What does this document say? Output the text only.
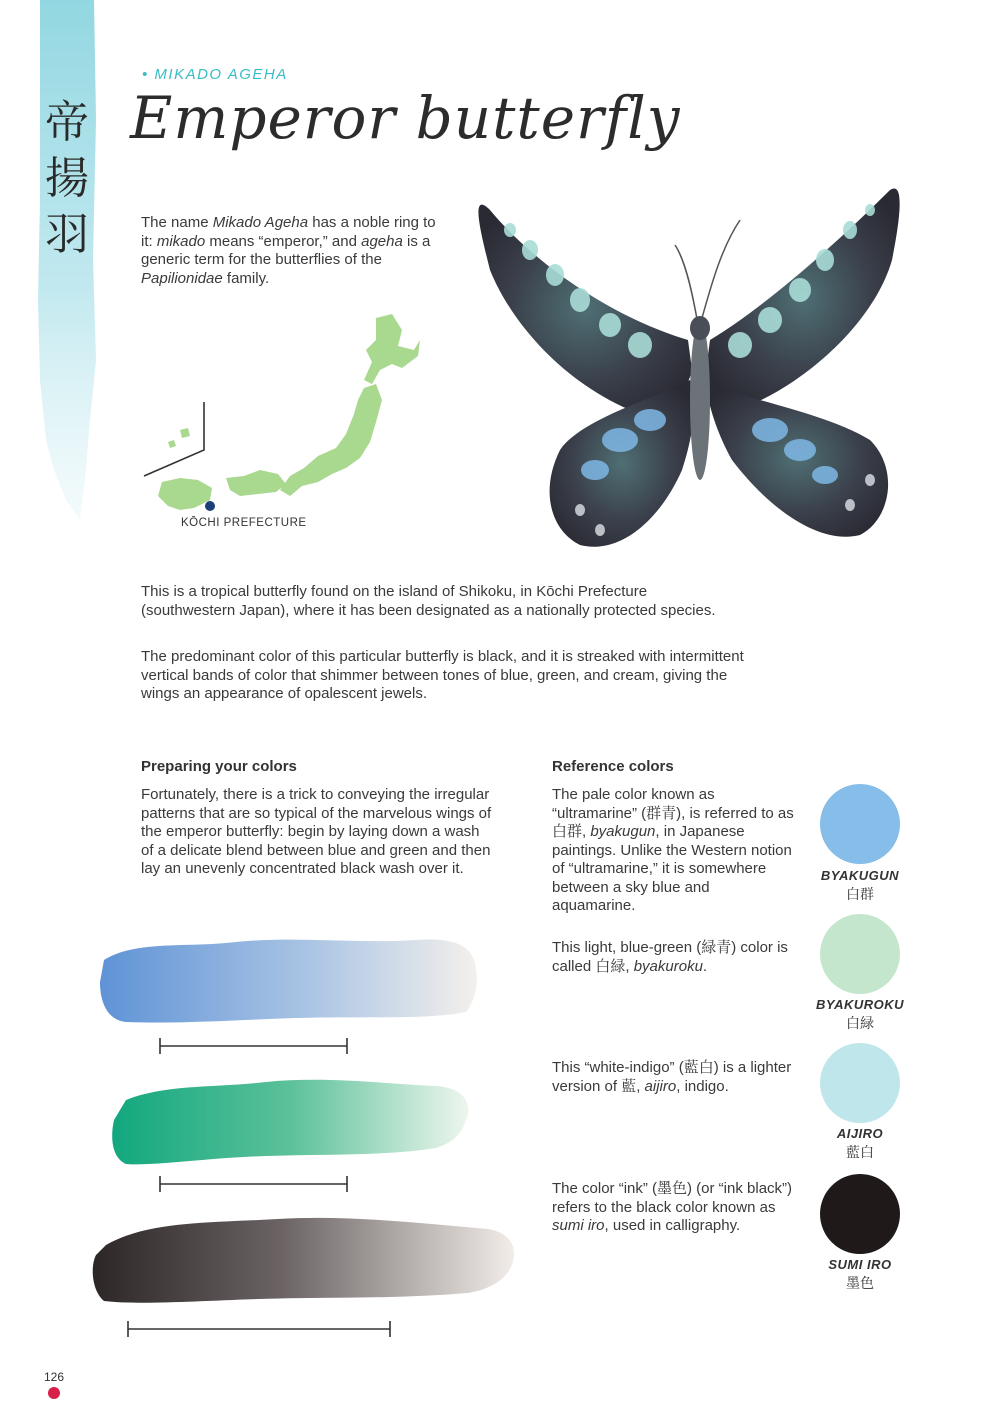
帝
揚
羽
• MIKADO AGEHA
Emperor butterfly
The name Mikado Ageha has a noble ring to it: mikado means “emperor,” and ageha is a generic term for the butterflies of the Papilionidae family.
KŌCHI PREFECTURE
This is a tropical butterfly found on the island of Shikoku, in Kōchi Prefecture (southwestern Japan), where it has been designated as a nationally protected species.
The predominant color of this particular butterfly is black, and it is streaked with intermittent vertical bands of color that shimmer between tones of blue, green, and cream, giving the wings an appearance of opalescent jewels.
Preparing your colors
Fortunately, there is a trick to conveying the irregular patterns that are so typical of the marvelous wings of the emperor butterfly: begin by laying down a wash of a delicate blend between blue and green and then lay an unevenly concentrated black wash over it.
Reference colors
The pale color known as “ultramarine” (群青), is referred to as 白群, byakugun, in Japanese paintings. Unlike the Western notion of “ultramarine,” it is somewhere between a sky blue and aquamarine.
BYAKUGUN
白群
This light, blue-green (緑青) color is called 白緑, byakuroku.
BYAKUROKU
白緑
This “white-indigo” (藍白) is a lighter version of 藍, aijiro, indigo.
AIJIRO
藍白
The color “ink” (墨色) (or “ink black”) refers to the black color known as sumi iro, used in calligraphy.
SUMI IRO
墨色
126
